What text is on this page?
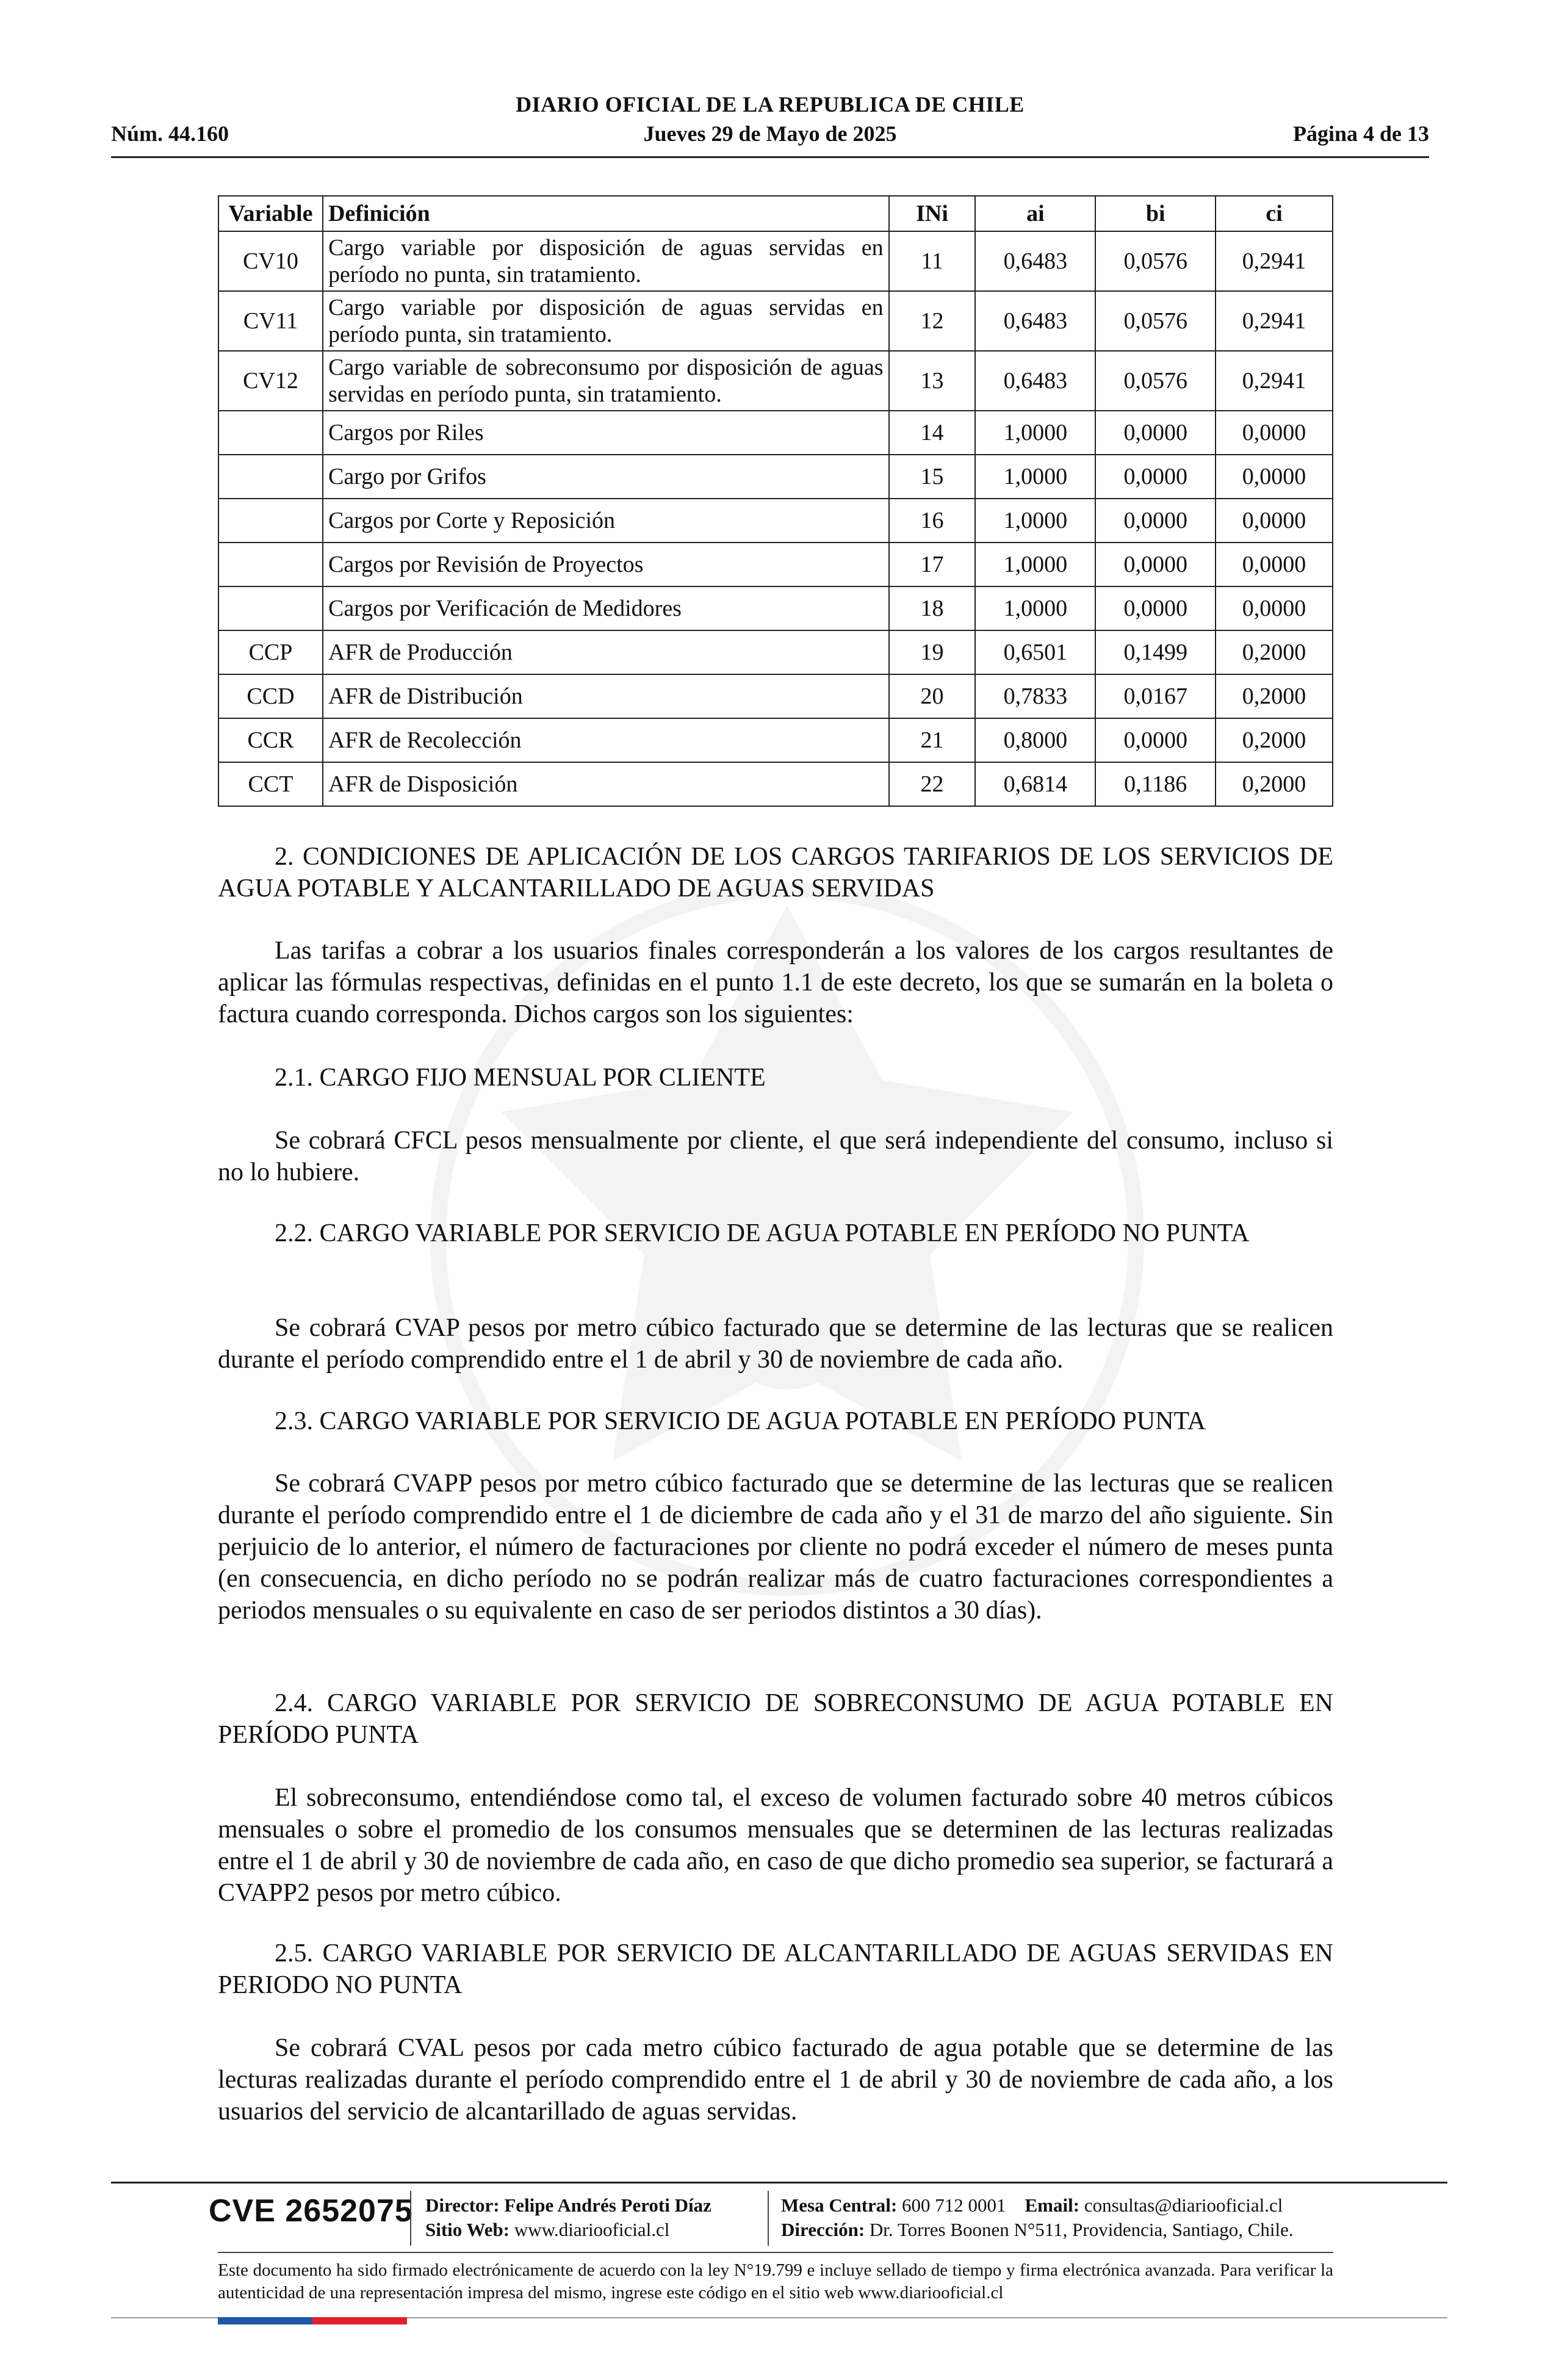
DIARIO OFICIAL DE LA REPUBLICA DE CHILE
Núm. 44.160	Jueves 29 de Mayo de 2025	Página 4 de 13
Variable	Definición	INi	ai	bi	ci
CV10	Cargo variable por disposición de aguas servidas en período no punta, sin tratamiento.	11	0,6483	0,0576	0,2941
CV11	Cargo variable por disposición de aguas servidas en período punta, sin tratamiento.	12	0,6483	0,0576	0,2941
CV12	Cargo variable de sobreconsumo por disposición de aguas servidas en período punta, sin tratamiento.	13	0,6483	0,0576	0,2941
	Cargos por Riles	14	1,0000	0,0000	0,0000
	Cargo por Grifos	15	1,0000	0,0000	0,0000
	Cargos por Corte y Reposición	16	1,0000	0,0000	0,0000
	Cargos por Revisión de Proyectos	17	1,0000	0,0000	0,0000
	Cargos por Verificación de Medidores	18	1,0000	0,0000	0,0000
CCP	AFR de Producción	19	0,6501	0,1499	0,2000
CCD	AFR de Distribución	20	0,7833	0,0167	0,2000
CCR	AFR de Recolección	21	0,8000	0,0000	0,2000
CCT	AFR de Disposición	22	0,6814	0,1186	0,2000

2. CONDICIONES DE APLICACIÓN DE LOS CARGOS TARIFARIOS DE LOS SERVICIOS DE AGUA POTABLE Y ALCANTARILLADO DE AGUAS SERVIDAS

Las tarifas a cobrar a los usuarios finales corresponderán a los valores de los cargos resultantes de aplicar las fórmulas respectivas, definidas en el punto 1.1 de este decreto, los que se sumarán en la boleta o factura cuando corresponda. Dichos cargos son los siguientes:

2.1. CARGO FIJO MENSUAL POR CLIENTE

Se cobrará CFCL pesos mensualmente por cliente, el que será independiente del consumo, incluso si no lo hubiere.

2.2. CARGO VARIABLE POR SERVICIO DE AGUA POTABLE EN PERÍODO NO PUNTA

Se cobrará CVAP pesos por metro cúbico facturado que se determine de las lecturas que se realicen durante el período comprendido entre el 1 de abril y 30 de noviembre de cada año.

2.3. CARGO VARIABLE POR SERVICIO DE AGUA POTABLE EN PERÍODO PUNTA

Se cobrará CVAPP pesos por metro cúbico facturado que se determine de las lecturas que se realicen durante el período comprendido entre el 1 de diciembre de cada año y el 31 de marzo del año siguiente. Sin perjuicio de lo anterior, el número de facturaciones por cliente no podrá exceder el número de meses punta (en consecuencia, en dicho período no se podrán realizar más de cuatro facturaciones correspondientes a periodos mensuales o su equivalente en caso de ser periodos distintos a 30 días).

2.4. CARGO VARIABLE POR SERVICIO DE SOBRECONSUMO DE AGUA POTABLE EN PERÍODO PUNTA

El sobreconsumo, entendiéndose como tal, el exceso de volumen facturado sobre 40 metros cúbicos mensuales o sobre el promedio de los consumos mensuales que se determinen de las lecturas realizadas entre el 1 de abril y 30 de noviembre de cada año, en caso de que dicho promedio sea superior, se facturará a CVAPP2 pesos por metro cúbico.

2.5. CARGO VARIABLE POR SERVICIO DE ALCANTARILLADO DE AGUAS SERVIDAS EN PERIODO NO PUNTA

Se cobrará CVAL pesos por cada metro cúbico facturado de agua potable que se determine de las lecturas realizadas durante el período comprendido entre el 1 de abril y 30 de noviembre de cada año, a los usuarios del servicio de alcantarillado de aguas servidas.

CVE 2652075 Director: Felipe Andrés Peroti Díaz
Sitio Web: www.diariooficial.cl
Mesa Central: 600 712 0001 Email: consultas@diariooficial.cl
Dirección: Dr. Torres Boonen N°511, Providencia, Santiago, Chile.
Este documento ha sido firmado electrónicamente de acuerdo con la ley N°19.799 e incluye sellado de tiempo y firma electrónica avanzada. Para verificar la autenticidad de una representación impresa del mismo, ingrese este código en el sitio web www.diariooficial.cl
